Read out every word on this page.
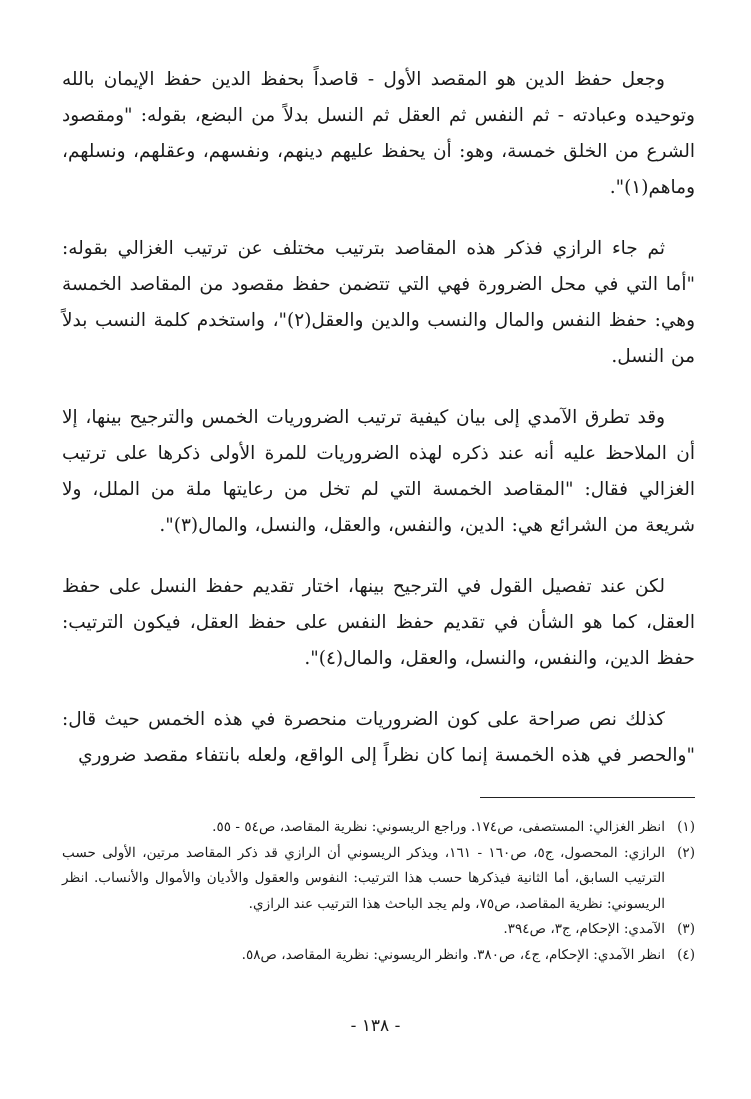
وجعل حفظ الدين هو المقصد الأول - قاصداً بحفظ الدين حفظ الإيمان بالله وتوحيده وعبادته - ثم النفس ثم العقل ثم النسل بدلاً من البضع، بقوله: "ومقصود الشرع من الخلق خمسة، وهو: أن يحفظ عليهم دينهم، ونفسهم، وعقلهم، ونسلهم، وماهم(١)".

ثم جاء الرازي فذكر هذه المقاصد بترتيب مختلف عن ترتيب الغزالي بقوله: "أما التي في محل الضرورة فهي التي تتضمن حفظ مقصود من المقاصد الخمسة وهي: حفظ النفس والمال والنسب والدين والعقل(٢)"، واستخدم كلمة النسب بدلاً من النسل.

وقد تطرق الآمدي إلى بيان كيفية ترتيب الضروريات الخمس والترجيح بينها، إلا أن الملاحظ عليه أنه عند ذكره لهذه الضروريات للمرة الأولى ذكرها على ترتيب الغزالي فقال: "المقاصد الخمسة التي لم تخل من رعايتها ملة من الملل، ولا شريعة من الشرائع هي: الدين، والنفس، والعقل، والنسل، والمال(٣)".

لكن عند تفصيل القول في الترجيح بينها، اختار تقديم حفظ النسل على حفظ العقل، كما هو الشأن في تقديم حفظ النفس على حفظ العقل، فيكون الترتيب: حفظ الدين، والنفس، والنسل، والعقل، والمال(٤)".

كذلك نص صراحة على كون الضروريات منحصرة في هذه الخمس حيث قال: "والحصر في هذه الخمسة إنما كان نظراً إلى الواقع، ولعله بانتفاء مقصد ضروري

(١)
انظر الغزالي: المستصفى، ص١٧٤. وراجع الريسوني: نظرية المقاصد، ص٥٤ - ٥٥.
(٢)
الرازي: المحصول، ج٥، ص١٦٠ - ١٦١، ويذكر الريسوني أن الرازي قد ذكر المقاصد مرتين، الأولى حسب الترتيب السابق، أما الثانية فيذكرها حسب هذا الترتيب: النفوس والعقول والأديان والأموال والأنساب. انظر الريسوني: نظرية المقاصد، ص٧٥، ولم يجد الباحث هذا الترتيب عند الرازي.
(٣)
الآمدي: الإحكام، ج٣، ص٣٩٤.
(٤)
انظر الآمدي: الإحكام، ج٤، ص٣٨٠. وانظر الريسوني: نظرية المقاصد، ص٥٨.
- ١٣٨ -
